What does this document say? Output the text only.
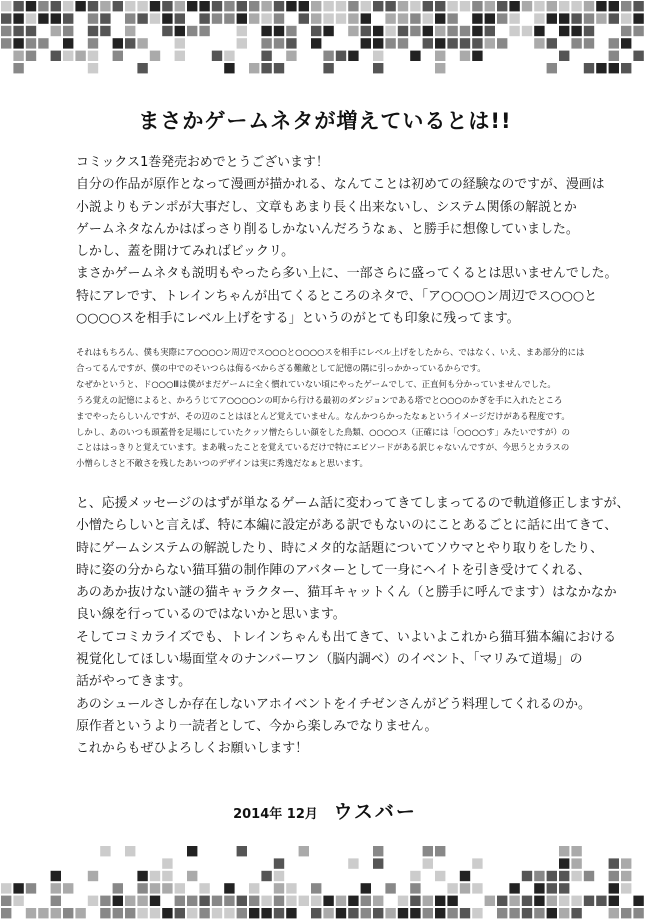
まさかゲームネタが増えているとは!!

コミックス1巻発売おめでとうございます！

自分の作品が原作となって漫画が描かれる、なんてことは初めての経験なのですが、漫画は

小説よりもテンポが大事だし、文章もあまり長く出来ないし、システム関係の解説とか

ゲームネタなんかはばっさり削るしかないんだろうなぁ、と勝手に想像していました。

しかし、蓋を開けてみればビックリ。

まさかゲームネタも説明もやったら多い上に、一部さらに盛ってくるとは思いませんでした。

特にアレです、トレインちゃんが出てくるところのネタで、「ア○○○○ン周辺でス○○○と

○○○○スを相手にレベル上げをする」というのがとても印象に残ってます。

それはもちろん、僕も実際にア○○○○ン周辺でス○○○と○○○○スを相手にレベル上げをしたから、ではなく、いえ、まあ部分的には

合ってるんですが、僕の中でのそいつらは侮るべからざる難敵として記憶の隅に引っかかっているからです。

なぜかというと、ド○○○Ⅲは僕がまだゲームに全く慣れていない頃にやったゲームでして、正直何も分かっていませんでした。

うろ覚えの記憶によると、かろうじてア○○○○ンの町から行ける最初のダンジョンである塔でと○○○のかぎを手に入れたところ

までやったらしいんですが、その辺のことはほとんど覚えていません。なんかつらかったなぁというイメージだけがある程度です。

しかし、あのいつも頭蓋骨を足場にしていたクッソ憎たらしい顔をした鳥類、○○○○ス（正確には「○○○○す」みたいですが）の

ことははっきりと覚えています。まあ戦ったことを覚えているだけで特にエピソードがある訳じゃないんですが、今思うとカラスの

小憎らしさと不敵さを残したあいつのデザインは実に秀逸だなぁと思います。

と、応援メッセージのはずが単なるゲーム話に変わってきてしまってるので軌道修正しますが、

小憎たらしいと言えば、特に本編に設定がある訳でもないのにことあるごとに話に出てきて、

時にゲームシステムの解説したり、時にメタ的な話題についてソウマとやり取りをしたり、

時に姿の分からない猫耳猫の制作陣のアバターとして一身にヘイトを引き受けてくれる、

あのあか抜けない謎の猫キャラクター、猫耳キャットくん（と勝手に呼んでます）はなかなか

良い線を行っているのではないかと思います。

そしてコミカライズでも、トレインちゃんも出てきて、いよいよこれから猫耳猫本編における

視覚化してほしい場面堂々のナンバーワン（脳内調べ）のイベント、「マリみて道場」の

話がやってきます。

あのシュールさしか存在しないアホイベントをイチゼンさんがどう料理してくれるのか。

原作者というより一読者として、今から楽しみでなりません。

これからもぜひよろしくお願いします！

2014年 12月 ウスバー
